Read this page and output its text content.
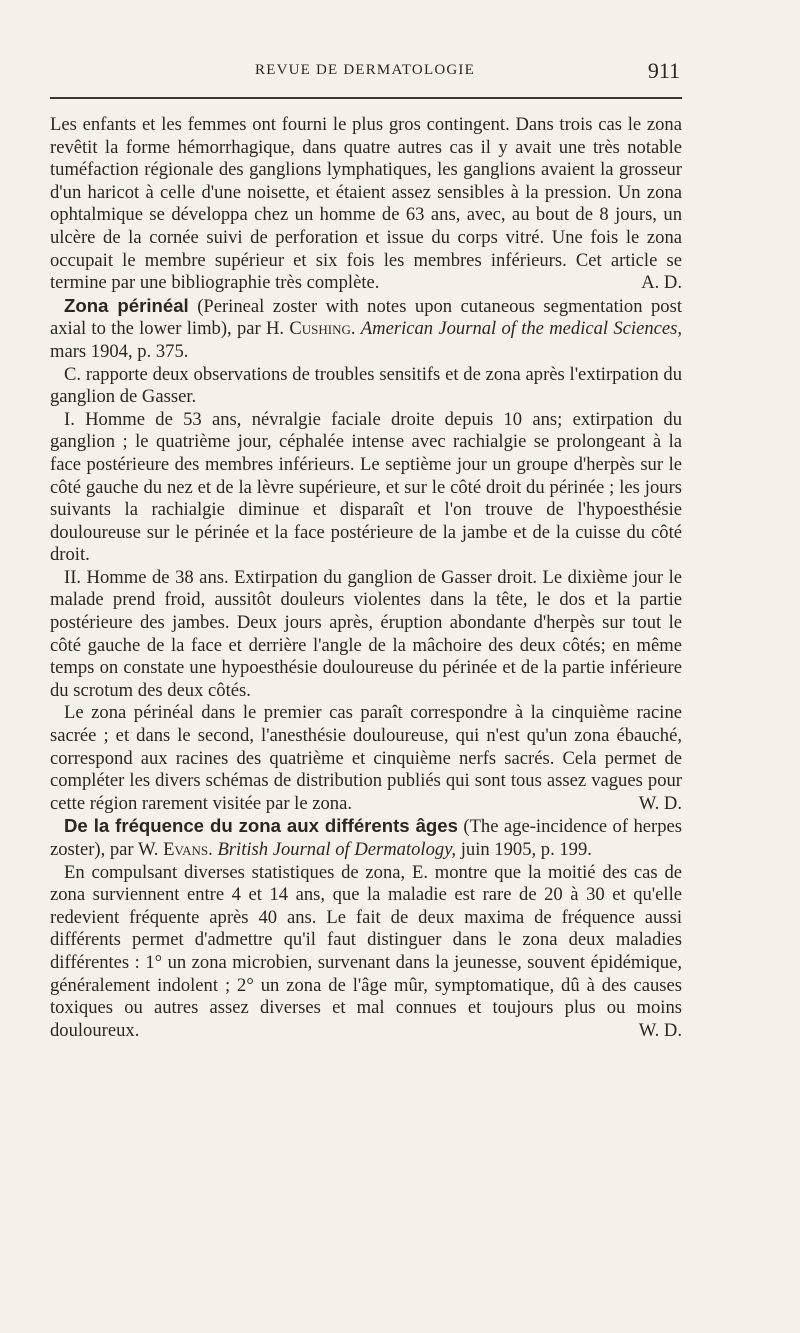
REVUE DE DERMATOLOGIE	911

Les enfants et les femmes ont fourni le plus gros contingent. Dans trois cas le zona revêtit la forme hémorrhagique, dans quatre autres cas il y avait une très notable tuméfaction régionale des ganglions lymphatiques, les ganglions avaient la grosseur d'un haricot à celle d'une noisette, et étaient assez sensibles à la pression. Un zona ophtalmique se développa chez un homme de 63 ans, avec, au bout de 8 jours, un ulcère de la cornée suivi de perforation et issue du corps vitré. Une fois le zona occupait le membre supérieur et six fois les membres inférieurs. Cet article se termine par une bibliographie très complète.	A. D.

Zona périnéal (Perineal zoster with notes upon cutaneous segmentation post axial to the lower limb), par H. Cushing. American Journal of the medical Sciences, mars 1904, p. 375.

C. rapporte deux observations de troubles sensitifs et de zona après l'extirpation du ganglion de Gasser.

I. Homme de 53 ans, névralgie faciale droite depuis 10 ans; extirpation du ganglion ; le quatrième jour, céphalée intense avec rachialgie se prolongeant à la face postérieure des membres inférieurs. Le septième jour un groupe d'herpès sur le côté gauche du nez et de la lèvre supérieure, et sur le côté droit du périnée ; les jours suivants la rachialgie diminue et disparaît et l'on trouve de l'hypoesthésie douloureuse sur le périnée et la face postérieure de la jambe et de la cuisse du côté droit.

II. Homme de 38 ans. Extirpation du ganglion de Gasser droit. Le dixième jour le malade prend froid, aussitôt douleurs violentes dans la tête, le dos et la partie postérieure des jambes. Deux jours après, éruption abondante d'herpès sur tout le côté gauche de la face et derrière l'angle de la mâchoire des deux côtés; en même temps on constate une hypoesthésie douloureuse du périnée et de la partie inférieure du scrotum des deux côtés.

Le zona périnéal dans le premier cas paraît correspondre à la cinquième racine sacrée ; et dans le second, l'anesthésie douloureuse, qui n'est qu'un zona ébauché, correspond aux racines des quatrième et cinquième nerfs sacrés. Cela permet de compléter les divers schémas de distribution publiés qui sont tous assez vagues pour cette région rarement visitée par le zona.	W. D.

De la fréquence du zona aux différents âges (The age-incidence of herpes zoster), par W. Evans. British Journal of Dermatology, juin 1905, p. 199.

En compulsant diverses statistiques de zona, E. montre que la moitié des cas de zona surviennent entre 4 et 14 ans, que la maladie est rare de 20 à 30 et qu'elle redevient fréquente après 40 ans. Le fait de deux maxima de fréquence aussi différents permet d'admettre qu'il faut distinguer dans le zona deux maladies différentes : 1° un zona microbien, survenant dans la jeunesse, souvent épidémique, généralement indolent ; 2° un zona de l'âge mûr, symptomatique, dû à des causes toxiques ou autres assez diverses et mal connues et toujours plus ou moins douloureux.	W. D.
